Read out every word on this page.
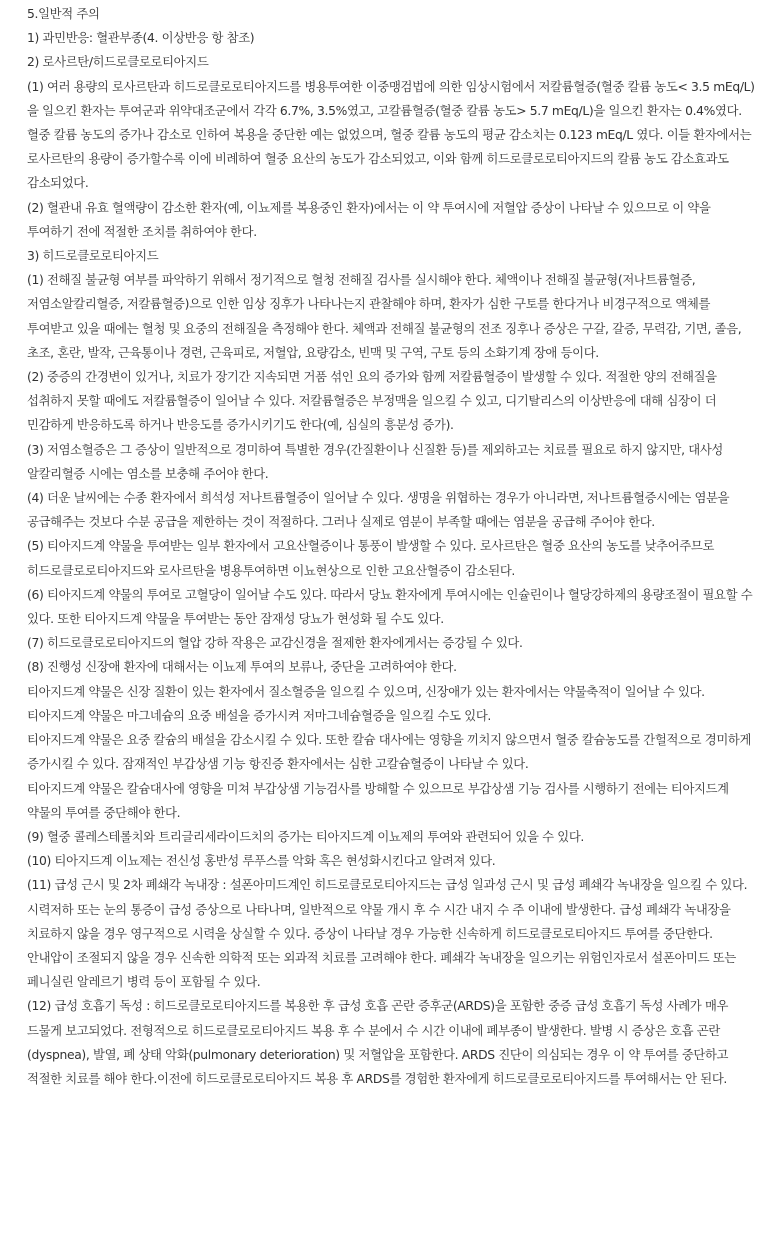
5.일반적 주의

1) 과민반응: 혈관부종(4. 이상반응 항 참조)

2) 로사르탄/히드로클로로티아지드

(1) 여러 용량의 로사르탄과 히드로클로로티아지드를 병용투여한 이중맹검법에 의한 임상시험에서 저칼륨혈증(혈중 칼륨 농도< 3.5 mEq/L)을 일으킨 환자는 투여군과 위약대조군에서 각각 6.7%, 3.5%였고, 고칼륨혈증(혈중 칼륨 농도> 5.7 mEq/L)을 일으킨 환자는 0.4%였다. 혈중 칼륨 농도의 증가나 감소로 인하여 복용을 중단한 예는 없었으며, 혈중 칼륨 농도의 평균 감소치는 0.123 mEq/L 였다. 이들 환자에서는 로사르탄의 용량이 증가할수록 이에 비례하여 혈중 요산의 농도가 감소되었고, 이와 함께 히드로클로로티아지드의 칼륨 농도 감소효과도 감소되었다.

(2) 혈관내 유효 혈액량이 감소한 환자(예, 이뇨제를 복용중인 환자)에서는 이 약 투여시에 저혈압 증상이 나타날 수 있으므로 이 약을 투여하기 전에 적절한 조치를 취하여야 한다.

3) 히드로클로로티아지드

(1) 전해질 불균형 여부를 파악하기 위해서 정기적으로 혈청 전해질 검사를 실시해야 한다. 체액이나 전해질 불균형(저나트륨혈증, 저염소알칼리혈증, 저칼륨혈증)으로 인한 임상 징후가 나타나는지 관찰해야 하며, 환자가 심한 구토를 한다거나 비경구적으로 액체를 투여받고 있을 때에는 혈청 및 요중의 전해질을 측정해야 한다. 체액과 전해질 불균형의 전조 징후나 증상은 구갈, 갈증, 무력감, 기면, 졸음, 초조, 혼란, 발작, 근육통이나 경련, 근육피로, 저혈압, 요량감소, 빈맥 및 구역, 구토 등의 소화기계 장애 등이다.

(2) 중증의 간경변이 있거나, 치료가 장기간 지속되면 거품 섞인 요의 증가와 함께 저칼륨혈증이 발생할 수 있다. 적절한 양의 전해질을 섭취하지 못할 때에도 저칼륨혈증이 일어날 수 있다. 저칼륨혈증은 부정맥을 일으킬 수 있고, 디기탈리스의 이상반응에 대해 심장이 더 민감하게 반응하도록 하거나 반응도를 증가시키기도 한다(예, 심실의 흥분성 증가).

(3) 저염소혈증은 그 증상이 일반적으로 경미하여 특별한 경우(간질환이나 신질환 등)를 제외하고는 치료를 필요로 하지 않지만, 대사성 알칼리혈증 시에는 염소를 보충해 주어야 한다.

(4) 더운 날씨에는 수종 환자에서 희석성 저나트륨혈증이 일어날 수 있다. 생명을 위협하는 경우가 아니라면, 저나트륨혈증시에는 염분을 공급해주는 것보다 수분 공급을 제한하는 것이 적절하다. 그러나 실제로 염분이 부족할 때에는 염분을 공급해 주어야 한다.

(5) 티아지드계 약물을 투여받는 일부 환자에서 고요산혈증이나 통풍이 발생할 수 있다. 로사르탄은 혈중 요산의 농도를 낮추어주므로 히드로클로로티아지드와 로사르탄을 병용투여하면 이뇨현상으로 인한 고요산혈증이 감소된다.

(6) 티아지드계 약물의 투여로 고혈당이 일어날 수도 있다. 따라서 당뇨 환자에게 투여시에는 인슐린이나 혈당강하제의 용량조절이 필요할 수 있다. 또한 티아지드계 약물을 투여받는 동안 잠재성 당뇨가 현성화 될 수도 있다.

(7) 히드로클로로티아지드의 혈압 강하 작용은 교감신경을 절제한 환자에게서는 증강될 수 있다.

(8) 진행성 신장애 환자에 대해서는 이뇨제 투여의 보류나, 중단을 고려하여야 한다.

티아지드계 약물은 신장 질환이 있는 환자에서 질소혈증을 일으킬 수 있으며, 신장애가 있는 환자에서는 약물축적이 일어날 수 있다.

티아지드계 약물은 마그네슘의 요중 배설을 증가시켜 저마그네슘혈증을 일으킬 수도 있다.

티아지드계 약물은 요중 칼슘의 배설을 감소시킬 수 있다. 또한 칼슘 대사에는 영향을 끼치지 않으면서 혈중 칼슘농도를 간헐적으로 경미하게 증가시킬 수 있다. 잠재적인 부갑상샘 기능 항진증 환자에서는 심한 고칼슘혈증이 나타날 수 있다.

티아지드계 약물은 칼슘대사에 영향을 미쳐 부갑상샘 기능검사를 방해할 수 있으므로 부갑상샘 기능 검사를 시행하기 전에는 티아지드계 약물의 투여를 중단해야 한다.

(9) 혈중 콜레스테롤치와 트리글리세라이드치의 증가는 티아지드계 이뇨제의 투여와 관련되어 있을 수 있다.

(10) 티아지드계 이뇨제는 전신성 홍반성 루푸스를 악화 혹은 현성화시킨다고 알려져 있다.

(11) 급성 근시 및 2차 폐쇄각 녹내장 : 설폰아미드계인 히드로클로로티아지드는 급성 일과성 근시 및 급성 폐쇄각 녹내장을 일으킬 수 있다. 시력저하 또는 눈의 통증이 급성 증상으로 나타나며, 일반적으로 약물 개시 후 수 시간 내지 수 주 이내에 발생한다. 급성 폐쇄각 녹내장을 치료하지 않을 경우 영구적으로 시력을 상실할 수 있다. 증상이 나타날 경우 가능한 신속하게 히드로클로로티아지드 투여를 중단한다. 안내압이 조절되지 않을 경우 신속한 의학적 또는 외과적 치료를 고려해야 한다. 폐쇄각 녹내장을 일으키는 위험인자로서 설폰아미드 또는 페니실린 알레르기 병력 등이 포함될 수 있다.

(12) 급성 호흡기 독성 : 히드로클로로티아지드를 복용한 후 급성 호흡 곤란 증후군(ARDS)을 포함한 중증 급성 호흡기 독성 사례가 매우 드물게 보고되었다. 전형적으로 히드로클로로티아지드 복용 후 수 분에서 수 시간 이내에 폐부종이 발생한다. 발병 시 증상은 호흡 곤란(dyspnea), 발열, 폐 상태 악화(pulmonary deterioration) 및 저혈압을 포함한다. ARDS 진단이 의심되는 경우 이 약 투여를 중단하고 적절한 치료를 해야 한다.이전에 히드로클로로티아지드 복용 후 ARDS를 경험한 환자에게 히드로클로로티아지드를 투여해서는 안 된다.
